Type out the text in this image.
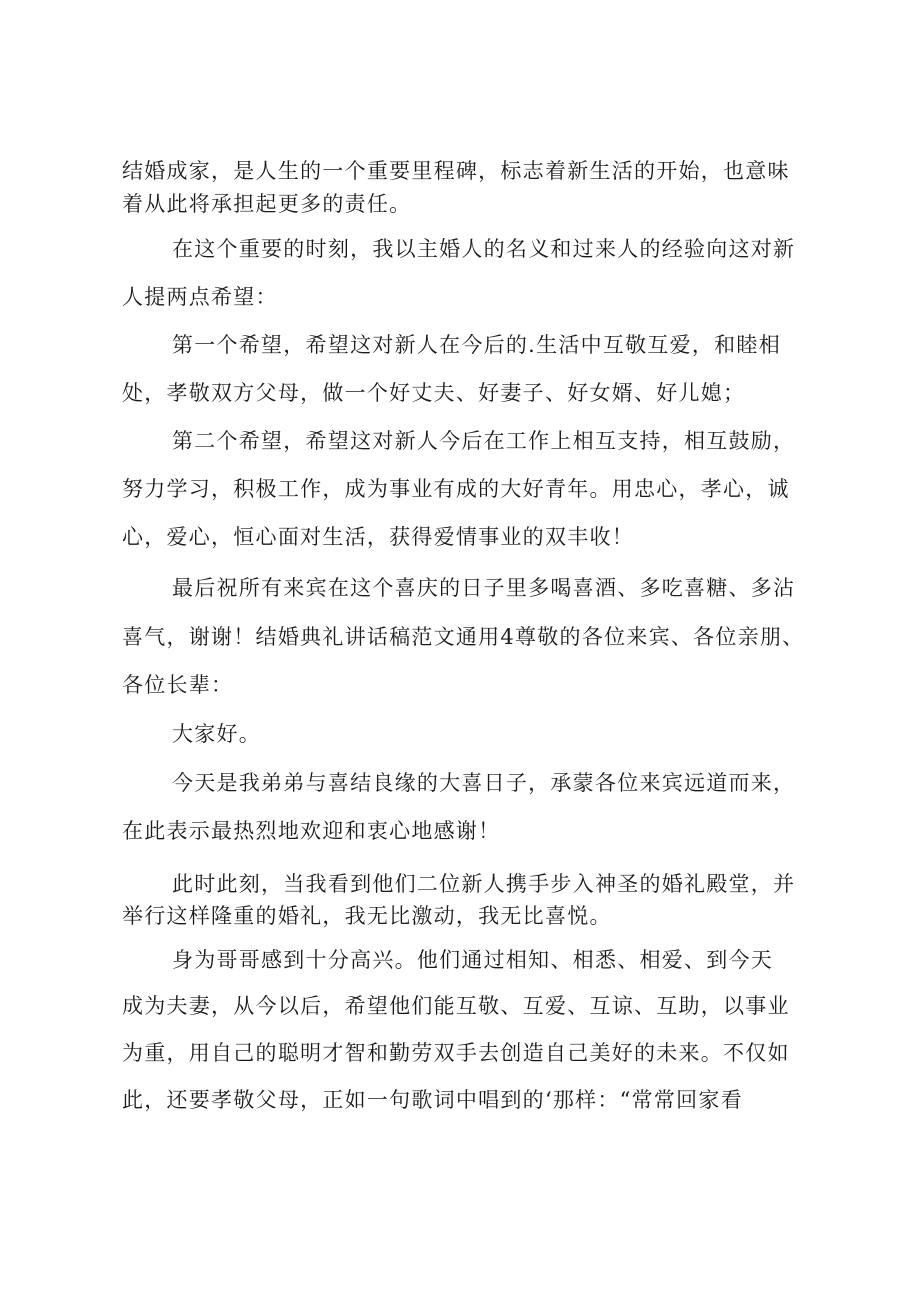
结婚成家，是人生的一个重要里程碑，标志着新生活的开始，也意味
着从此将承担起更多的责任。
在这个重要的时刻，我以主婚人的名义和过来人的经验向这对新
人提两点希望：
第一个希望，希望这对新人在今后的.生活中互敬互爱，和睦相
处，孝敬双方父母，做一个好丈夫、好妻子、好女婿、好儿媳；
第二个希望，希望这对新人今后在工作上相互支持，相互鼓励，
努力学习，积极工作，成为事业有成的大好青年。用忠心，孝心，诚
心，爱心，恒心面对生活，获得爱情事业的双丰收！
最后祝所有来宾在这个喜庆的日子里多喝喜酒、多吃喜糖、多沾
喜气，谢谢！结婚典礼讲话稿范文通用4尊敬的各位来宾、各位亲朋、
各位长辈：
大家好。
今天是我弟弟与喜结良缘的大喜日子，承蒙各位来宾远道而来，
在此表示最热烈地欢迎和衷心地感谢！
此时此刻，当我看到他们二位新人携手步入神圣的婚礼殿堂，并
举行这样隆重的婚礼，我无比激动，我无比喜悦。
身为哥哥感到十分高兴。他们通过相知、相悉、相爱、到今天
成为夫妻，从今以后，希望他们能互敬、互爱、互谅、互助，以事业
为重，用自己的聪明才智和勤劳双手去创造自己美好的未来。不仅如
此，还要孝敬父母，正如一句歌词中唱到的‘那样：“常常回家看
